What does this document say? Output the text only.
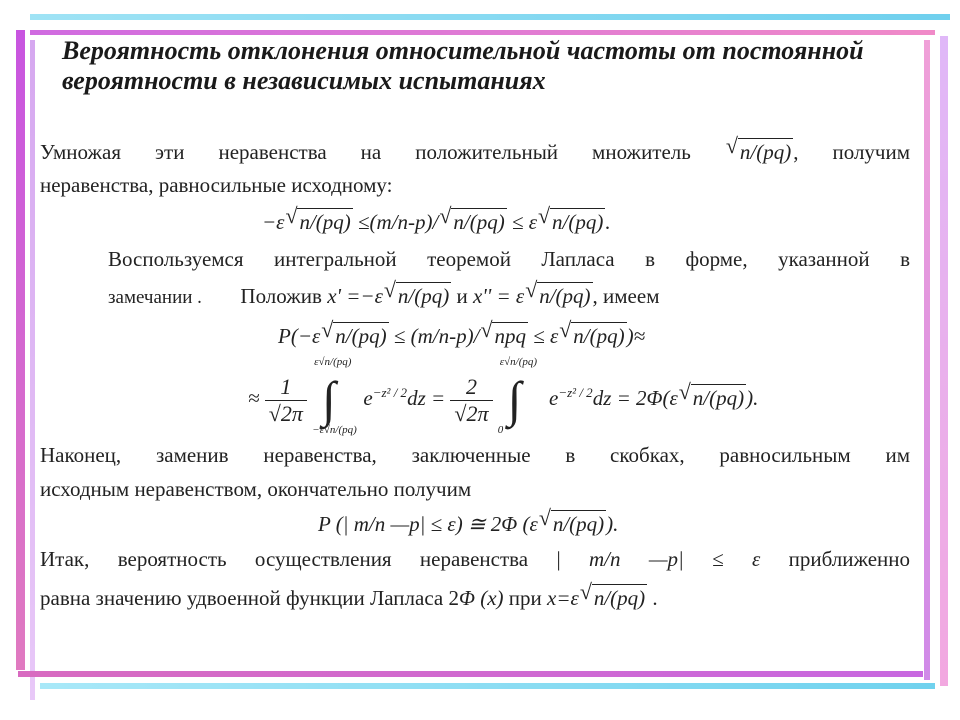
Вероятность отклонения относительной частоты от постоянной вероятности в независимых испытаниях
Умножая эти неравенства на положительный множитель √ n/(pq), получим
неравенства, равносильные исходному:
−ε√ n/(pq) ≤(m/n-p)/√ n/(pq) ≤ ε√ n/(pq).
Воспользуемся интегральной теоремой Лапласа в форме, указанной в
замечании . Положив x' =−ε√ n/(pq) и x'' = ε√ n/(pq), имеем
P(−ε√ n/(pq) ≤ (m/n-p)/√ npq ≤ ε√ n/(pq))≈
≈ $\frac{1}{√2\pi}$

ε√n/(pq)
∫
−ε√n/(pq)
$e^{-z^2 / 2}dz = \frac{2}{√2\pi}$

ε√n/(pq)
∫
0
$e^{-z^2 / 2}dz = 2\Phi(\varepsilon√$ n/(pq)).
Наконец, заменив неравенства, заключенные в скобках, равносильным им
исходным неравенством, окончательно получим
P (| m/n —p| ≤ ε) ≅ 2Φ (ε√ n/(pq)).
Итак, вероятность осуществления неравенства | m/n —p| ≤ ε приближенно
равна значению удвоенной функции Лапласа 2Φ (x) при x=ε√ n/(pq) .
